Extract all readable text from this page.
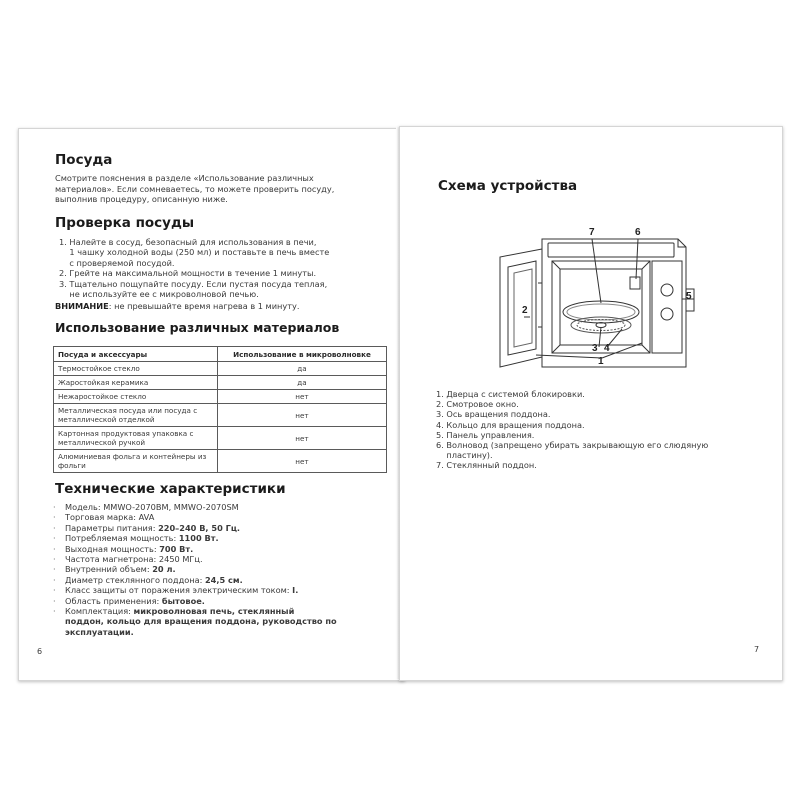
Посуда
Смотрите пояснения в разделе «Использование различных
материалов». Если сомневаетесь, то можете проверить посуду,
выполнив процедуру, описанную ниже.
Проверка посуды
1. Налейте в сосуд, безопасный для использования в печи,
1 чашку холодной воды (250 мл) и поставьте в печь вместе
с проверяемой посудой.
2. Грейте на максимальной мощности в течение 1 минуты.
3. Тщательно пощупайте посуду. Если пустая посуда теплая,
не используйте ее с микроволновой печью.
ВНИМАНИЕ: не превышайте время нагрева в 1 минуту.
Использование различных материалов
Посуда и аксессуары	Использование в микроволновке
Термостойкое стекло	да
Жаростойкая керамика	да
Нежаростойкое стекло	нет
Металлическая посуда или посуда с металлической отделкой	нет
Картонная продуктовая упаковка с металлической ручкой	нет
Алюминиевая фольга и контейнеры из фольги	нет
Технические характеристики
· Модель: MMWO-2070BM, MMWO-2070SM
· Торговая марка: AVA
· Параметры питания: 220–240 В, 50 Гц.
· Потребляемая мощность: 1100 Вт.
· Выходная мощность: 700 Вт.
· Частота магнетрона: 2450 МГц.
· Внутренний объем: 20 л.
· Диаметр стеклянного поддона: 24,5 см.
· Класс защиты от поражения электрическим током: I.
· Область применения: бытовое.
· Комплектация: микроволновая печь, стеклянный
поддон, кольцо для вращения поддона, руководство по эксплуатации.
6
Схема устройства
7	6
5
2
3 4
1
1. Дверца с системой блокировки.
2. Смотровое окно.
3. Ось вращения поддона.
4. Кольцо для вращения поддона.
5. Панель управления.
6. Волновод (запрещено убирать закрывающую его слюдяную
пластину).
7. Стеклянный поддон.
7
